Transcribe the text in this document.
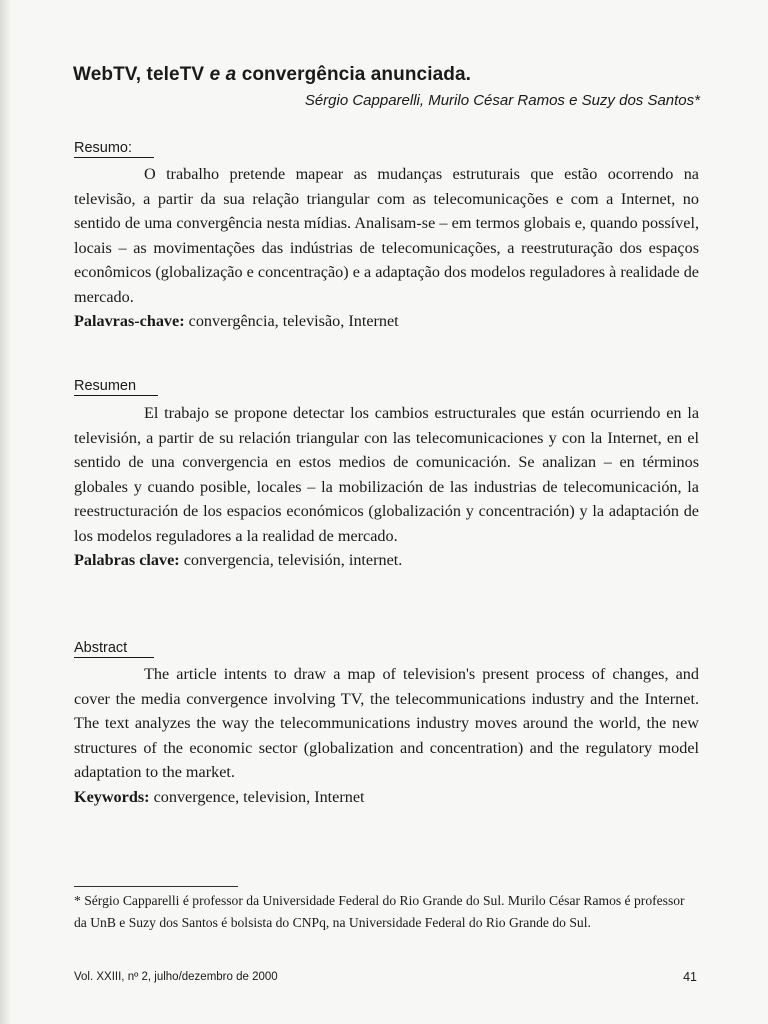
WebTV, teleTV e a convergência anunciada.
Sérgio Capparelli, Murilo César Ramos e Suzy dos Santos*
Resumo:

O trabalho pretende mapear as mudanças estruturais que estão ocorrendo na televisão, a partir da sua relação triangular com as telecomunicações e com a Internet, no sentido de uma convergência nesta mídias. Analisam-se – em termos globais e, quando possível, locais – as movimentações das indústrias de telecomunicações, a reestruturação dos espaços econômicos (globalização e concentração) e a adaptação dos modelos reguladores à realidade de mercado.

Palavras-chave: convergência, televisão, Internet

Resumen

El trabajo se propone detectar los cambios estructurales que están ocurriendo en la televisión, a partir de su relación triangular con las telecomunicaciones y con la Internet, en el sentido de una convergencia en estos medios de comunicación. Se analizan – en términos globales y cuando posible, locales – la mobilización de las industrias de telecomunicación, la reestructuración de los espacios económicos (globalización y concentración) y la adaptación de los modelos reguladores a la realidad de mercado.

Palabras clave: convergencia, televisión, internet.

Abstract

The article intents to draw a map of television's present process of changes, and cover the media convergence involving TV, the telecommunications industry and the Internet. The text analyzes the way the telecommunications industry moves around the world, the new structures of the economic sector (globalization and concentration) and the regulatory model adaptation to the market.

Keywords: convergence, television, Internet

* Sérgio Capparelli é professor da Universidade Federal do Rio Grande do Sul. Murilo César Ramos é professor da UnB e Suzy dos Santos é bolsista do CNPq, na Universidade Federal do Rio Grande do Sul.

Vol. XXIII, nº 2, julho/dezembro de 2000	41
